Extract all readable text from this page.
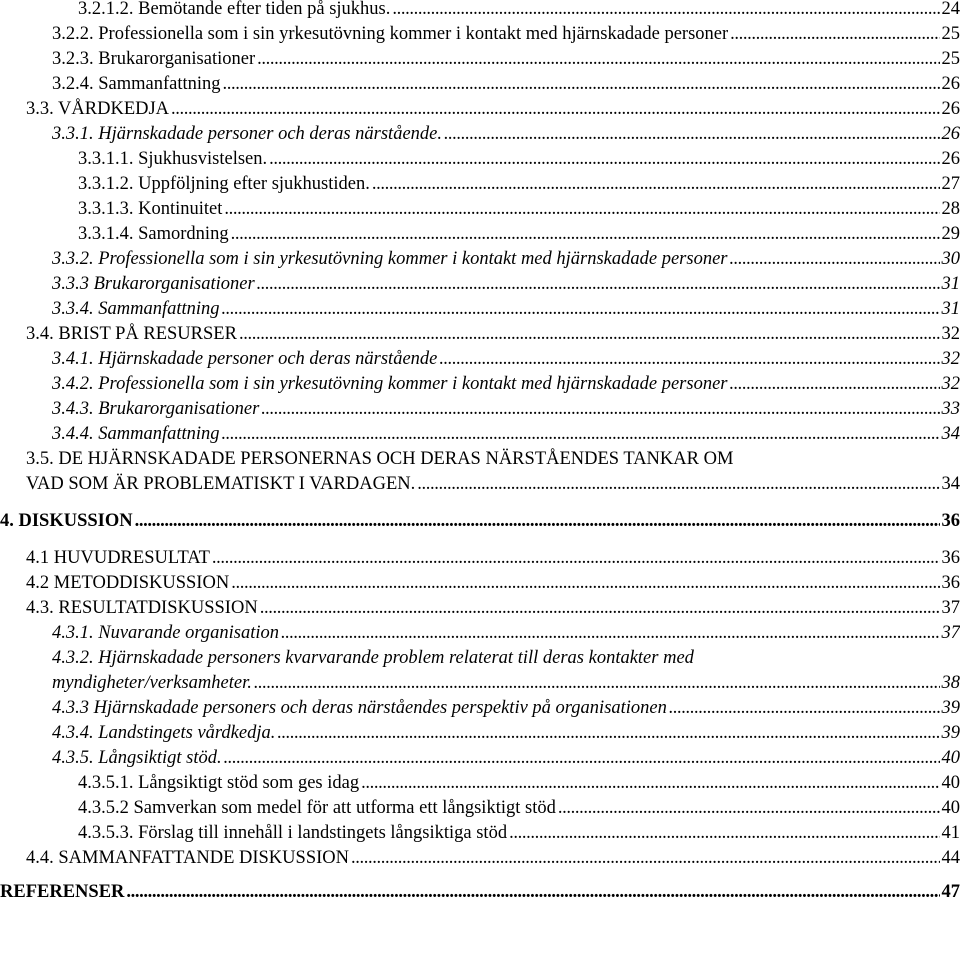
3.2.1.2. Bemötande efter tiden på sjukhus. . . .	24
3.2.2. Professionella som i sin yrkesutövning kommer i kontakt med hjärnskadade personer . . .	25
3.2.3. Brukarorganisationer . . .	25
3.2.4. Sammanfattning . . .	26
3.3. VÅRDKEDJA . . .	26
3.3.1. Hjärnskadade personer och deras närstående. . . .	26
3.3.1.1. Sjukhusvistelsen. . . .	26
3.3.1.2. Uppföljning efter sjukhustiden. . . .	27
3.3.1.3. Kontinuitet . . .	28
3.3.1.4. Samordning . . .	29
3.3.2. Professionella som i sin yrkesutövning kommer i kontakt med hjärnskadade personer . . .	30
3.3.3 Brukarorganisationer . . .	31
3.3.4. Sammanfattning . . .	31
3.4. BRIST PÅ RESURSER . . .	32
3.4.1. Hjärnskadade personer och deras närstående . . .	32
3.4.2. Professionella som i sin yrkesutövning kommer i kontakt med hjärnskadade personer . . .	32
3.4.3. Brukarorganisationer . . .	33
3.4.4. Sammanfattning . . .	34
3.5. DE HJÄRNSKADADE PERSONERNAS OCH DERAS NÄRSTÅENDES TANKAR OM
VAD SOM ÄR PROBLEMATISKT I VARDAGEN. . . .	34
4. DISKUSSION . . .	36
4.1 HUVUDRESULTAT . . .	36
4.2 METODDISKUSSION . . .	36
4.3. RESULTATDISKUSSION . . .	37
4.3.1. Nuvarande organisation . . .	37
4.3.2. Hjärnskadade personers kvarvarande problem relaterat till deras kontakter med
myndigheter/verksamheter. . . .	38
4.3.3 Hjärnskadade personers och deras närståendes perspektiv på organisationen . . .	39
4.3.4. Landstingets vårdkedja. . . .	39
4.3.5. Långsiktigt stöd. . . .	40
4.3.5.1. Långsiktigt stöd som ges idag . . .	40
4.3.5.2 Samverkan som medel för att utforma ett långsiktigt stöd . . .	40
4.3.5.3. Förslag till innehåll i landstingets långsiktiga stöd . . .	41
4.4. SAMMANFATTANDE DISKUSSION . . .	44
REFERENSER . . .	47
